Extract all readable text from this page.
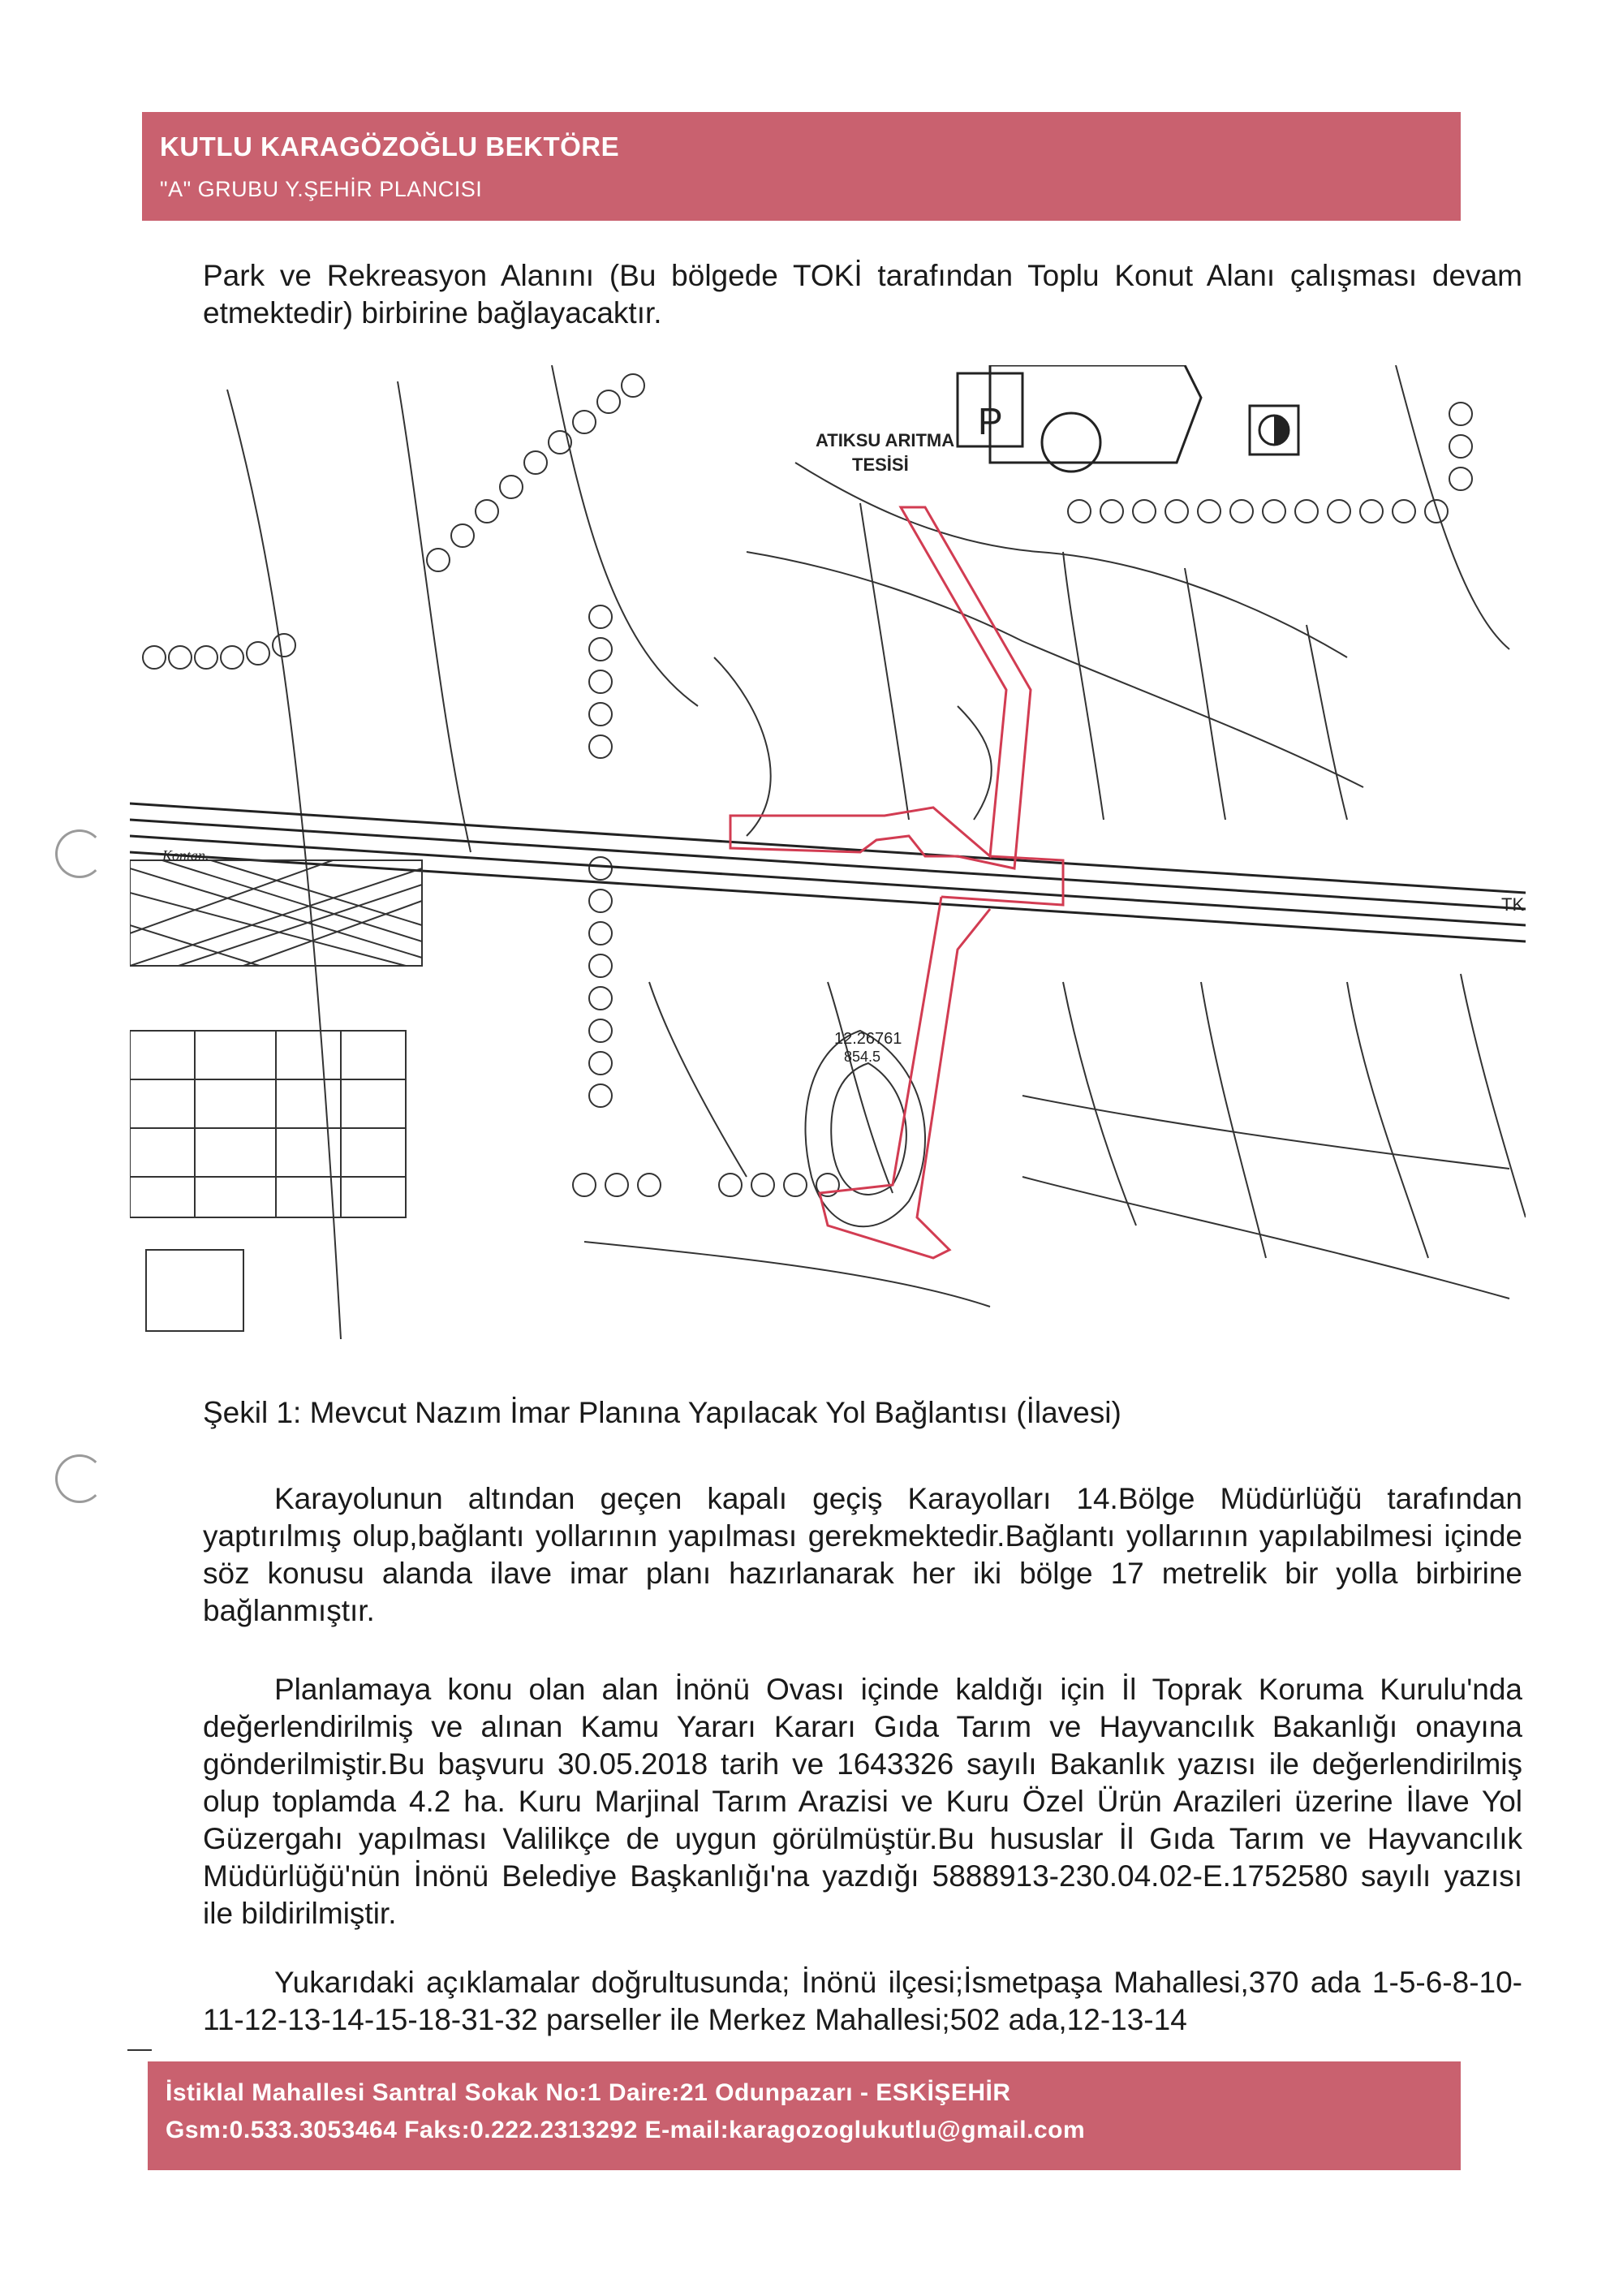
KUTLU KARAGÖZOĞLU BEKTÖRE
"A" GRUBU Y.ŞEHİR PLANCISI

Park ve Rekreasyon Alanını (Bu bölgede TOKİ tarafından Toplu Konut Alanı çalışması devam etmektedir) birbirine bağlayacaktır.

ATIKSU ARITMA
TESİSİ
P
12.26761
854.5
Kontan.
TK

Şekil 1: Mevcut Nazım İmar Planına Yapılacak Yol Bağlantısı (İlavesi)

Karayolunun altından geçen kapalı geçiş Karayolları 14.Bölge Müdürlüğü tarafından yaptırılmış olup,bağlantı yollarının yapılması gerekmektedir.Bağlantı yollarının yapılabilmesi içinde söz konusu alanda ilave imar planı hazırlanarak her iki bölge 17 metrelik bir yolla birbirine bağlanmıştır.

Planlamaya konu olan alan İnönü Ovası içinde kaldığı için İl Toprak Koruma Kurulu'nda değerlendirilmiş ve alınan Kamu Yararı Kararı Gıda Tarım ve Hayvancılık Bakanlığı onayına gönderilmiştir.Bu başvuru 30.05.2018 tarih ve 1643326 sayılı Bakanlık yazısı ile değerlendirilmiş olup toplamda 4.2 ha. Kuru Marjinal Tarım Arazisi ve Kuru Özel Ürün Arazileri üzerine İlave Yol Güzergahı yapılması Valilikçe de uygun görülmüştür.Bu hususlar İl Gıda Tarım ve Hayvancılık Müdürlüğü'nün İnönü Belediye Başkanlığı'na yazdığı 5888913-230.04.02-E.1752580 sayılı yazısı ile bildirilmiştir.

Yukarıdaki açıklamalar doğrultusunda; İnönü ilçesi;İsmetpaşa Mahallesi,370 ada 1-5-6-8-10-11-12-13-14-15-18-31-32 parseller ile Merkez Mahallesi;502 ada,12-13-14

İstiklal Mahallesi Santral Sokak No:1 Daire:21 Odunpazarı - ESKİŞEHİR
Gsm:0.533.3053464 Faks:0.222.2313292 E-mail:karagozoglukutlu@gmail.com
